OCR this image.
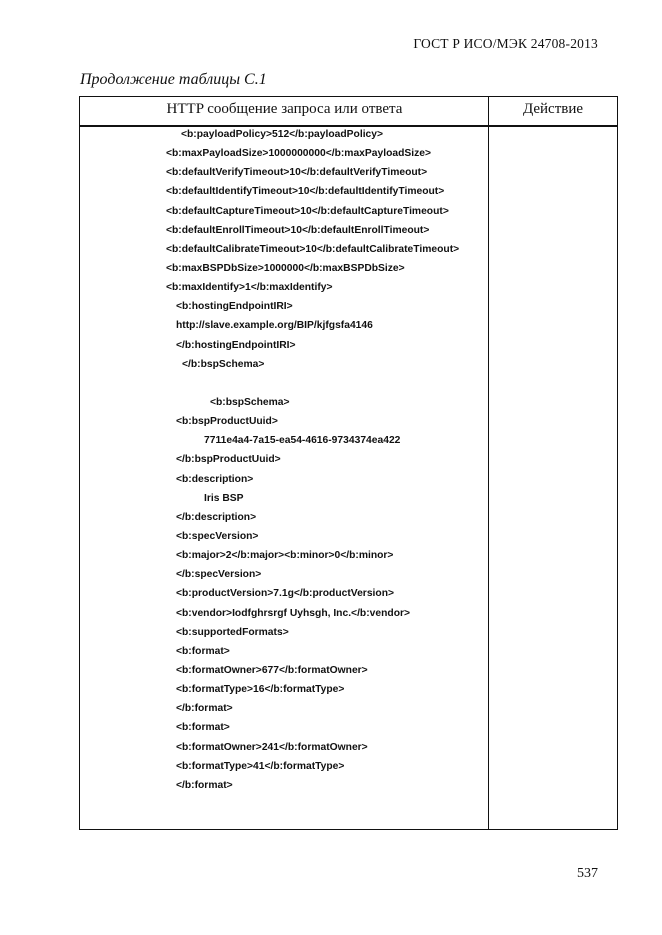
ГОСТ Р ИСО/МЭК 24708-2013
Продолжение таблицы С.1
HTTP сообщение запроса или ответа	Действие
<b:payloadPolicy>512</b:payloadPolicy>
<b:maxPayloadSize>1000000000</b:maxPayloadSize>
<b:defaultVerifyTimeout>10</b:defaultVerifyTimeout>
<b:defaultIdentifyTimeout>10</b:defaultIdentifyTimeout>
<b:defaultCaptureTimeout>10</b:defaultCaptureTimeout>
<b:defaultEnrollTimeout>10</b:defaultEnrollTimeout>
<b:defaultCalibrateTimeout>10</b:defaultCalibrateTimeout>
<b:maxBSPDbSize>1000000</b:maxBSPDbSize>
<b:maxIdentify>1</b:maxIdentify>
<b:hostingEndpointIRI>
http://slave.example.org/BIP/kjfgsfa4146
</b:hostingEndpointIRI>
</b:bspSchema>
<b:bspSchema>
<b:bspProductUuid>
7711e4a4-7a15-ea54-4616-9734374ea422
</b:bspProductUuid>
<b:description>
Iris BSP
</b:description>
<b:specVersion>
<b:major>2</b:major><b:minor>0</b:minor>
</b:specVersion>
<b:productVersion>7.1g</b:productVersion>
<b:vendor>Iodfghrsrgf Uyhsgh, Inc.</b:vendor>
<b:supportedFormats>
<b:format>
<b:formatOwner>677</b:formatOwner>
<b:formatType>16</b:formatType>
</b:format>
<b:format>
<b:formatOwner>241</b:formatOwner>
<b:formatType>41</b:formatType>
</b:format>
537
